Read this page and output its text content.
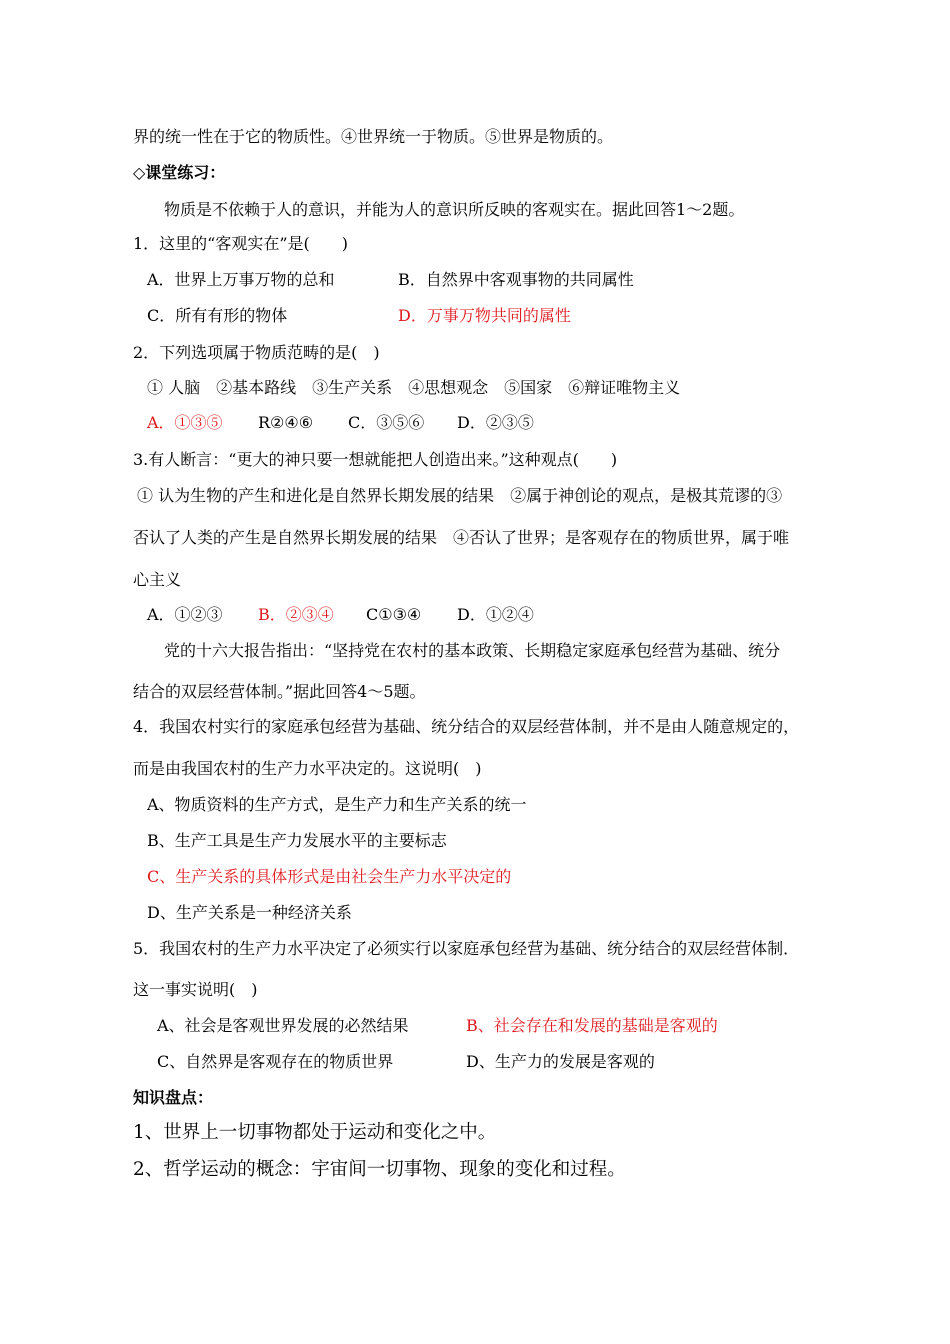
界的统一性在于它的物质性。④世界统一于物质。⑤世界是物质的。
◇课堂练习：
物质是不依赖于人的意识，并能为人的意识所反映的客观实在。据此回答1～2题。
1．这里的“客观实在”是(　　)
A．世界上万事万物的总和	B．自然界中客观事物的共同属性
C．所有有形的物体	D．万事万物共同的属性
2．下列选项属于物质范畴的是(　)
① 人脑　②基本路线　③生产关系　④思想观念　⑤国家　⑥辩证唯物主义
A．①③⑤ R②④⑥ C．③⑤⑥ D．②③⑤
3.有人断言：“更大的神只要一想就能把人创造出来。”这种观点(　　)
① 认为生物的产生和进化是自然界长期发展的结果　②属于神创论的观点，是极其荒谬的③
否认了人类的产生是自然界长期发展的结果　④否认了世界；是客观存在的物质世界，属于唯
心主义
A．①②③ B．②③④ C①③④ D．①②④
党的十六大报告指出：“坚持党在农村的基本政策、长期稳定家庭承包经营为基础、统分
结合的双层经营体制。”据此回答4～5题。
4．我国农村实行的家庭承包经营为基础、统分结合的双层经营体制，并不是由人随意规定的，
而是由我国农村的生产力水平决定的。这说明(　)
A、物质资料的生产方式，是生产力和生产关系的统一
B、生产工具是生产力发展水平的主要标志
C、生产关系的具体形式是由社会生产力水平决定的
D、生产关系是一种经济关系
5．我国农村的生产力水平决定了必须实行以家庭承包经营为基础、统分结合的双层经营体制．
这一事实说明(　)
A、社会是客观世界发展的必然结果	B、社会存在和发展的基础是客观的
C、自然界是客观存在的物质世界	D、生产力的发展是客观的
知识盘点：
1、世界上一切事物都处于运动和变化之中。
2、哲学运动的概念：宇宙间一切事物、现象的变化和过程。
